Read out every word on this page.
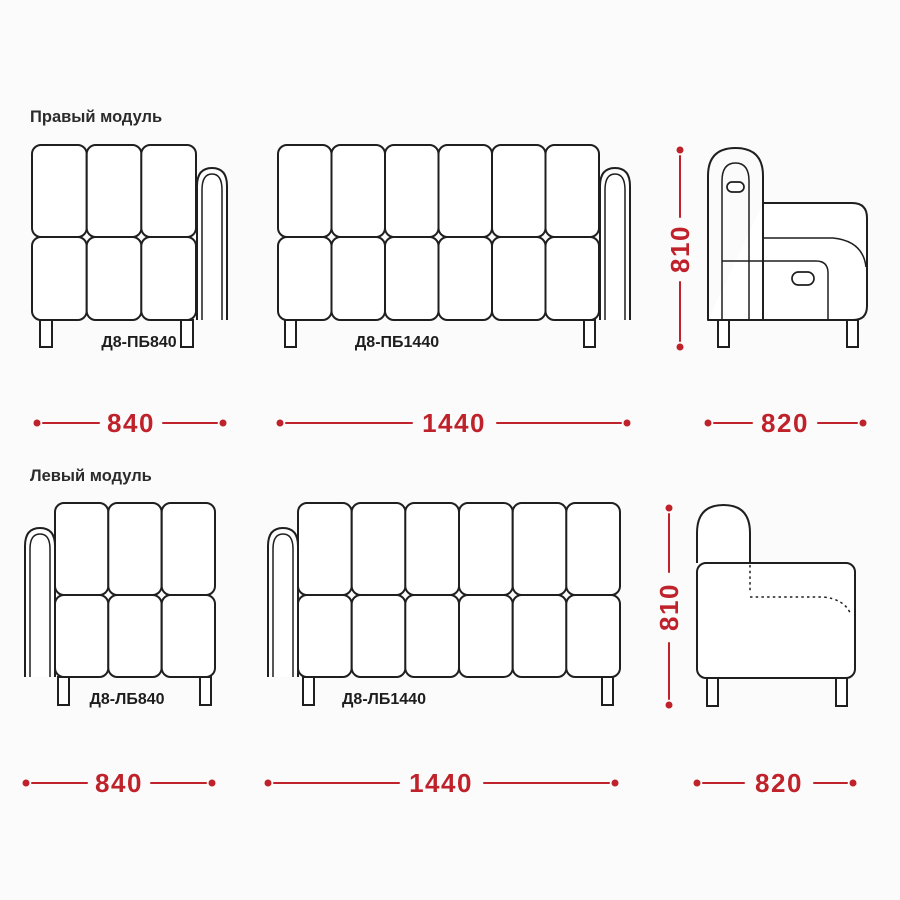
Правый модуль
Д8-ПБ840	Д8-ПБ1440
810
840	1440	820
Левый модуль
Д8-ЛБ840	Д8-ЛБ1440
810
840	1440	820
